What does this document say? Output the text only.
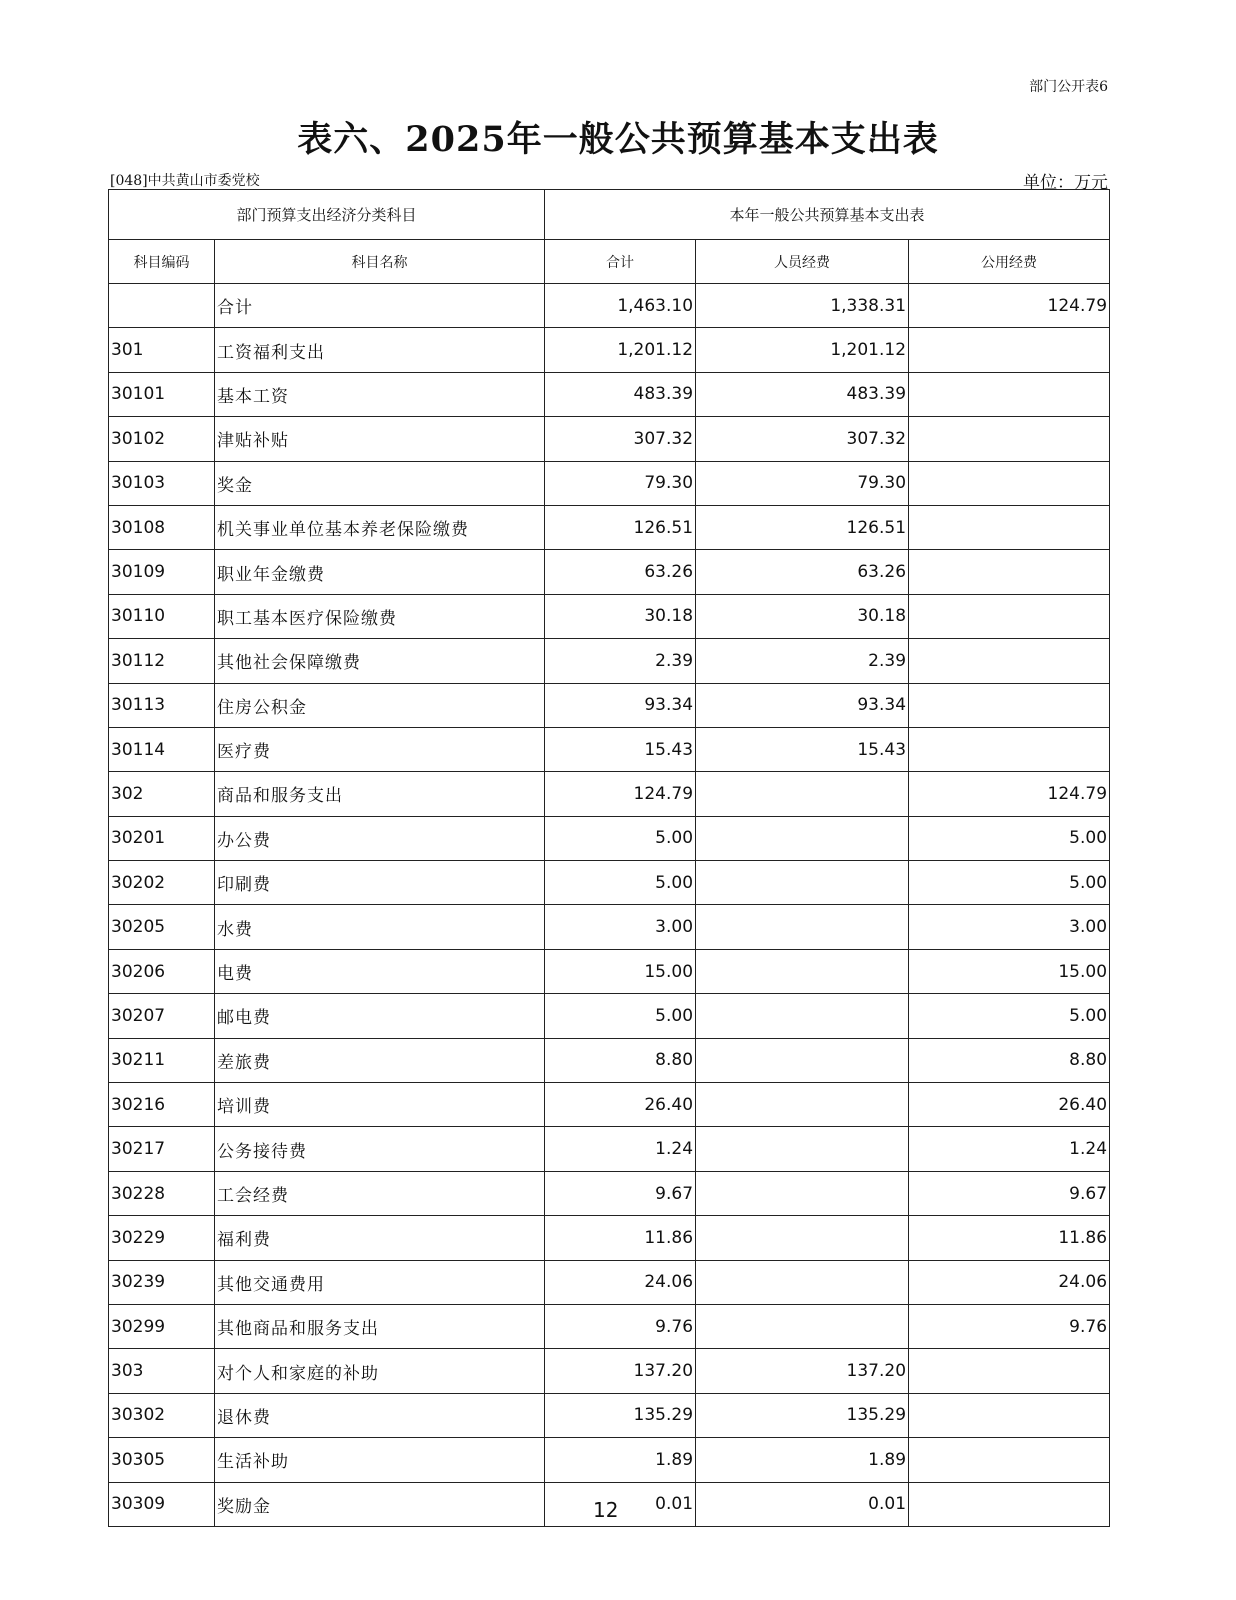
部门公开表6
表六、2025年一般公共预算基本支出表
[048]中共黄山市委党校	单位：万元
部门预算支出经济分类科目		本年一般公共预算基本支出表		
科目编码	科目名称	合计	人员经费	公用经费
	合计	1,463.10	1,338.31	124.79
301	工资福利支出	1,201.12	1,201.12	
30101	基本工资	483.39	483.39	
30102	津贴补贴	307.32	307.32	
30103	奖金	79.30	79.30	
30108	机关事业单位基本养老保险缴费	126.51	126.51	
30109	职业年金缴费	63.26	63.26	
30110	职工基本医疗保险缴费	30.18	30.18	
30112	其他社会保障缴费	2.39	2.39	
30113	住房公积金	93.34	93.34	
30114	医疗费	15.43	15.43	
302	商品和服务支出	124.79		124.79
30201	办公费	5.00		5.00
30202	印刷费	5.00		5.00
30205	水费	3.00		3.00
30206	电费	15.00		15.00
30207	邮电费	5.00		5.00
30211	差旅费	8.80		8.80
30216	培训费	26.40		26.40
30217	公务接待费	1.24		1.24
30228	工会经费	9.67		9.67
30229	福利费	11.86		11.86
30239	其他交通费用	24.06		24.06
30299	其他商品和服务支出	9.76		9.76
303	对个人和家庭的补助	137.20	137.20	
30302	退休费	135.29	135.29	
30305	生活补助	1.89	1.89	
30309	奖励金	0.01	0.01	
12
